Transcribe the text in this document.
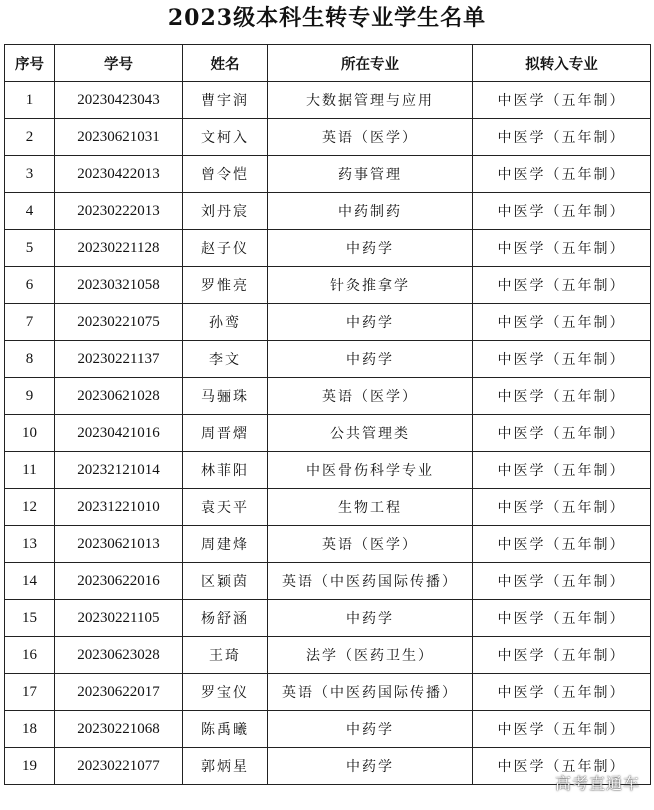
2023级本科生转专业学生名单
序号	学号	姓名	所在专业	拟转入专业
1	20230423043	曹宇润	大数据管理与应用	中医学（五年制）
2	20230621031	文柯入	英语（医学）	中医学（五年制）
3	20230422013	曾令恺	药事管理	中医学（五年制）
4	20230222013	刘丹宸	中药制药	中医学（五年制）
5	20230221128	赵子仪	中药学	中医学（五年制）
6	20230321058	罗惟亮	针灸推拿学	中医学（五年制）
7	20230221075	孙鸾	中药学	中医学（五年制）
8	20230221137	李文	中药学	中医学（五年制）
9	20230621028	马骊珠	英语（医学）	中医学（五年制）
10	20230421016	周晋熠	公共管理类	中医学（五年制）
11	20232121014	林菲阳	中医骨伤科学专业	中医学（五年制）
12	20231221010	袁天平	生物工程	中医学（五年制）
13	20230621013	周建烽	英语（医学）	中医学（五年制）
14	20230622016	区颖茵	英语（中医药国际传播）	中医学（五年制）
15	20230221105	杨舒涵	中药学	中医学（五年制）
16	20230623028	王琦	法学（医药卫生）	中医学（五年制）
17	20230622017	罗宝仪	英语（中医药国际传播）	中医学（五年制）
18	20230221068	陈禹曦	中药学	中医学（五年制）
19	20230221077	郭炳星	中药学	中医学（五年制）
高考直通车
